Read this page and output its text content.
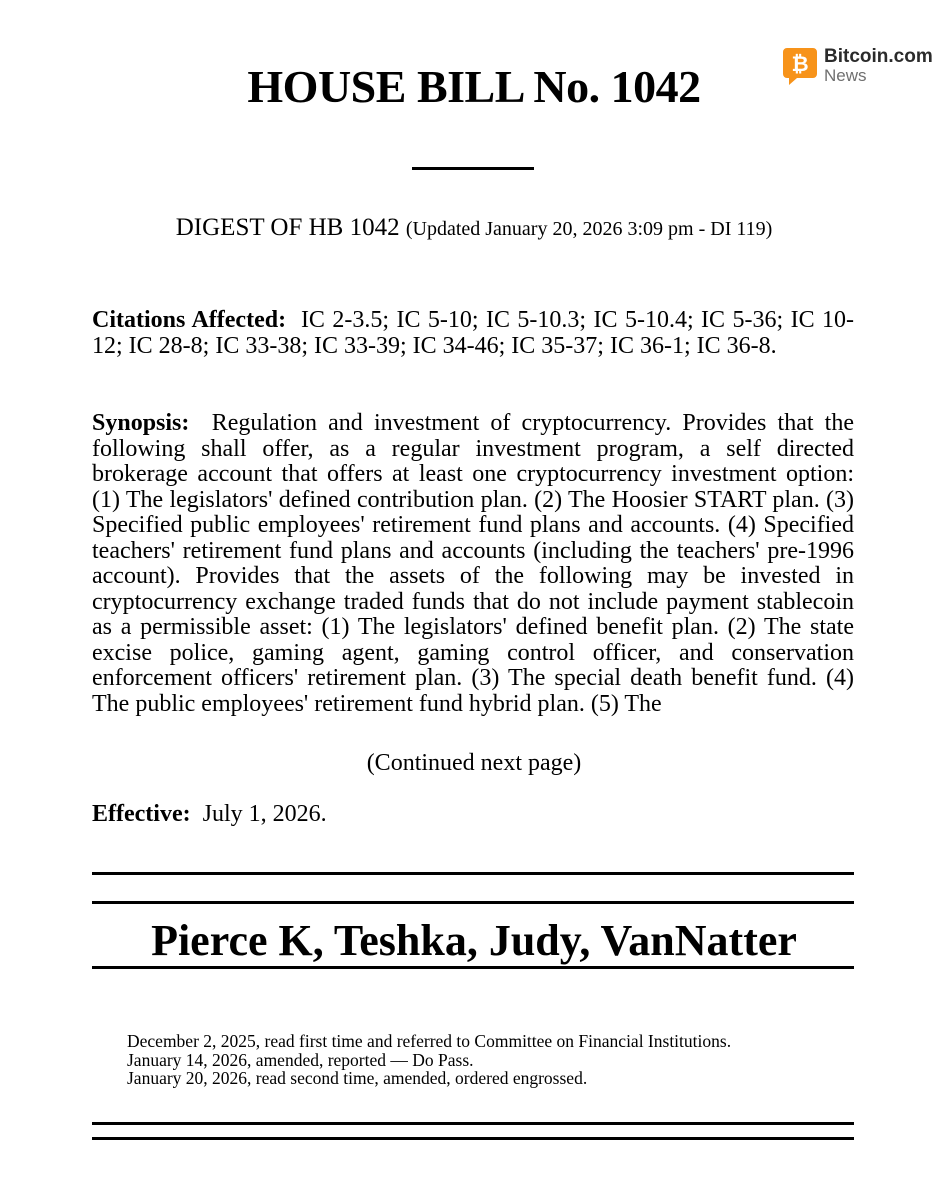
₿ Bitcoin.com
News
HOUSE BILL No. 1042
DIGEST OF HB 1042 (Updated January 20, 2026 3:09 pm - DI 119)
Citations Affected: IC 2-3.5; IC 5-10; IC 5-10.3; IC 5-10.4; IC 5-36; IC 10-12; IC 28-8; IC 33-38; IC 33-39; IC 34-46; IC 35-37; IC 36-1; IC 36-8.
Synopsis: Regulation and investment of cryptocurrency. Provides that the following shall offer, as a regular investment program, a self directed brokerage account that offers at least one cryptocurrency investment option: (1) The legislators' defined contribution plan. (2) The Hoosier START plan. (3) Specified public employees' retirement fund plans and accounts. (4) Specified teachers' retirement fund plans and accounts (including the teachers' pre-1996 account). Provides that the assets of the following may be invested in cryptocurrency exchange traded funds that do not include payment stablecoin as a permissible asset: (1) The legislators' defined benefit plan. (2) The state excise police, gaming agent, gaming control officer, and conservation enforcement officers' retirement plan. (3) The special death benefit fund. (4) The public employees' retirement fund hybrid plan. (5) The
(Continued next page)
Effective: July 1, 2026.
Pierce K, Teshka, Judy, VanNatter
December 2, 2025, read first time and referred to Committee on Financial Institutions.
January 14, 2026, amended, reported — Do Pass.
January 20, 2026, read second time, amended, ordered engrossed.
